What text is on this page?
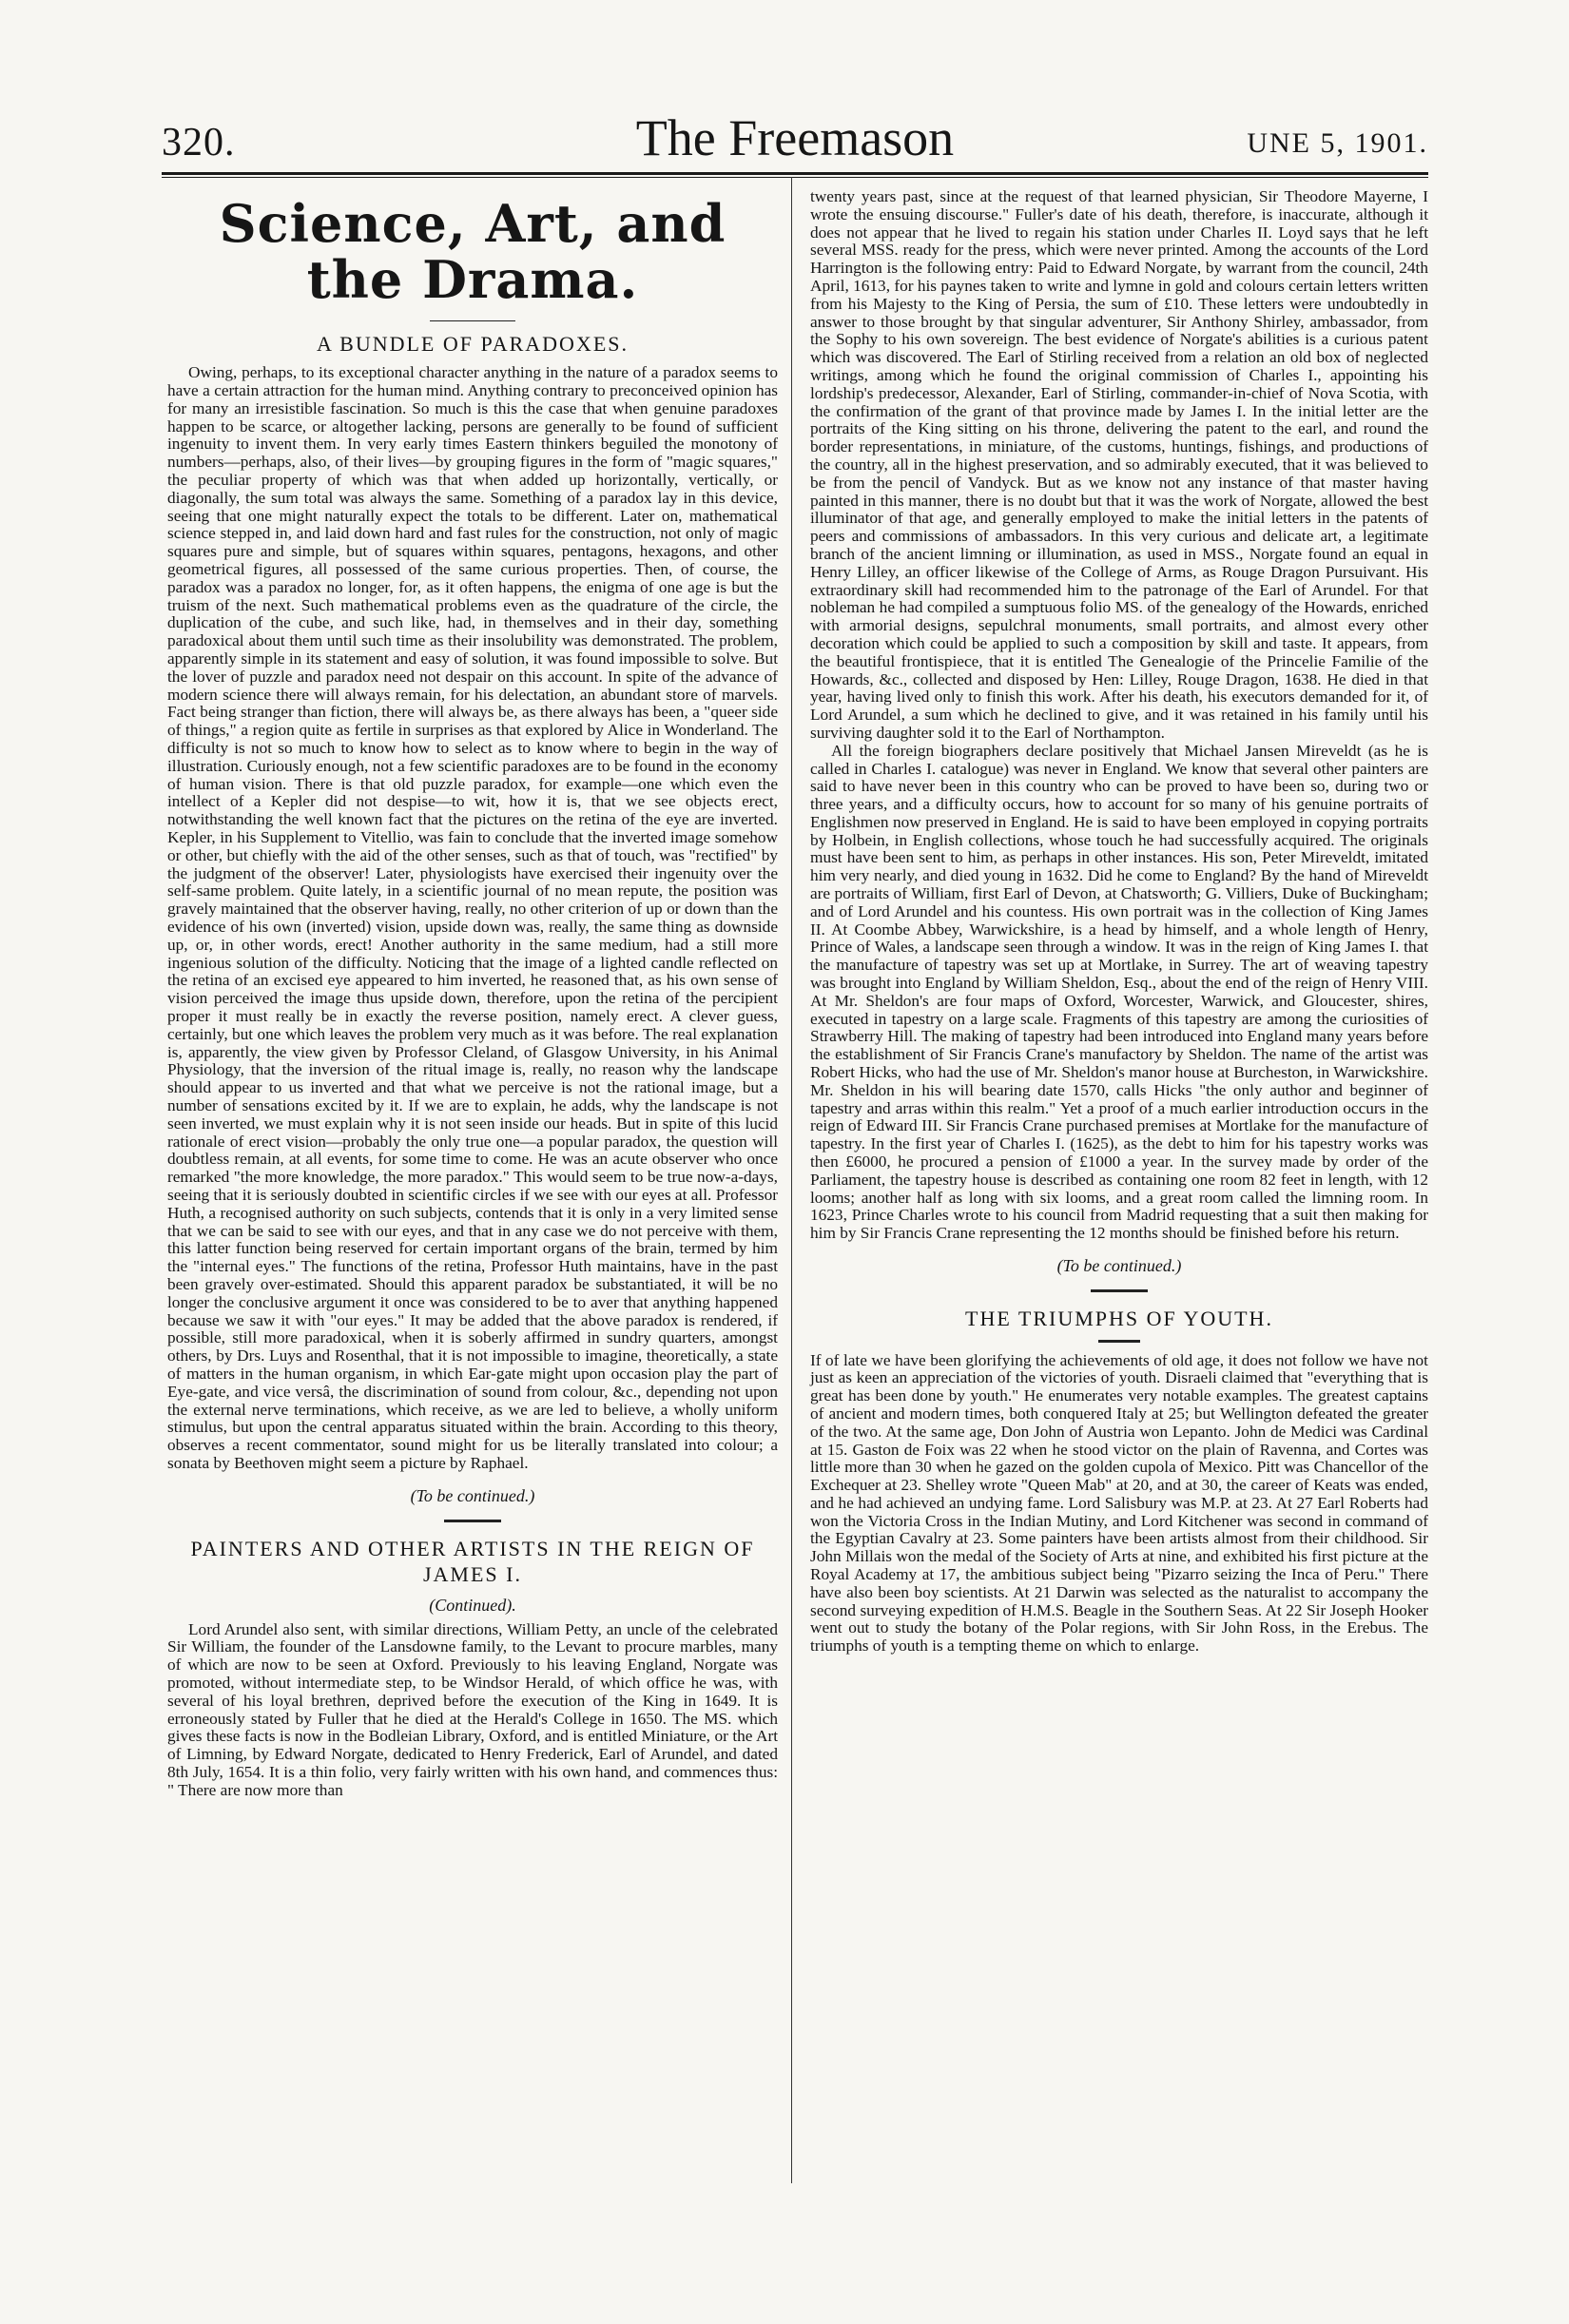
320.	The Freemason	UNE 5, 1901.
Science, Art, and the Drama.
A BUNDLE OF PARADOXES.

Owing, perhaps, to its exceptional character anything in the nature of a paradox seems to have a certain attraction for the human mind. Anything contrary to preconceived opinion has for many an irresistible fascination. So much is this the case that when genuine paradoxes happen to be scarce, or altogether lacking, persons are generally to be found of sufficient ingenuity to invent them. In very early times Eastern thinkers beguiled the monotony of numbers—perhaps, also, of their lives—by grouping figures in the form of "magic squares," the peculiar property of which was that when added up horizontally, vertically, or diagonally, the sum total was always the same. Something of a paradox lay in this device, seeing that one might naturally expect the totals to be different. Later on, mathematical science stepped in, and laid down hard and fast rules for the construction, not only of magic squares pure and simple, but of squares within squares, pentagons, hexagons, and other geometrical figures, all possessed of the same curious properties. Then, of course, the paradox was a paradox no longer, for, as it often happens, the enigma of one age is but the truism of the next. Such mathematical problems even as the quadrature of the circle, the duplication of the cube, and such like, had, in themselves and in their day, something paradoxical about them until such time as their insolubility was demonstrated. The problem, apparently simple in its statement and easy of solution, it was found impossible to solve. But the lover of puzzle and paradox need not despair on this account. In spite of the advance of modern science there will always remain, for his delectation, an abundant store of marvels. Fact being stranger than fiction, there will always be, as there always has been, a "queer side of things," a region quite as fertile in surprises as that explored by Alice in Wonderland. The difficulty is not so much to know how to select as to know where to begin in the way of illustration. Curiously enough, not a few scientific paradoxes are to be found in the economy of human vision. There is that old puzzle paradox, for example—one which even the intellect of a Kepler did not despise—to wit, how it is, that we see objects erect, notwithstanding the well known fact that the pictures on the retina of the eye are inverted. Kepler, in his Supplement to Vitellio, was fain to conclude that the inverted image somehow or other, but chiefly with the aid of the other senses, such as that of touch, was "rectified" by the judgment of the observer! Later, physiologists have exercised their ingenuity over the self-same problem. Quite lately, in a scientific journal of no mean repute, the position was gravely maintained that the observer having, really, no other criterion of up or down than the evidence of his own (inverted) vision, upside down was, really, the same thing as downside up, or, in other words, erect! Another authority in the same medium, had a still more ingenious solution of the difficulty. Noticing that the image of a lighted candle reflected on the retina of an excised eye appeared to him inverted, he reasoned that, as his own sense of vision perceived the image thus upside down, therefore, upon the retina of the percipient proper it must really be in exactly the reverse position, namely erect. A clever guess, certainly, but one which leaves the problem very much as it was before. The real explanation is, apparently, the view given by Professor Cleland, of Glasgow University, in his Animal Physiology, that the inversion of the ritual image is, really, no reason why the landscape should appear to us inverted and that what we perceive is not the rational image, but a number of sensations excited by it. If we are to explain, he adds, why the landscape is not seen inverted, we must explain why it is not seen inside our heads. But in spite of this lucid rationale of erect vision—probably the only true one—a popular paradox, the question will doubtless remain, at all events, for some time to come. He was an acute observer who once remarked "the more knowledge, the more paradox." This would seem to be true now-a-days, seeing that it is seriously doubted in scientific circles if we see with our eyes at all. Professor Huth, a recognised authority on such subjects, contends that it is only in a very limited sense that we can be said to see with our eyes, and that in any case we do not perceive with them, this latter function being reserved for certain important organs of the brain, termed by him the "internal eyes." The functions of the retina, Professor Huth maintains, have in the past been gravely over-estimated. Should this apparent paradox be substantiated, it will be no longer the conclusive argument it once was considered to be to aver that anything happened because we saw it with "our eyes." It may be added that the above paradox is rendered, if possible, still more paradoxical, when it is soberly affirmed in sundry quarters, amongst others, by Drs. Luys and Rosenthal, that it is not impossible to imagine, theoretically, a state of matters in the human organism, in which Ear-gate might upon occasion play the part of Eye-gate, and vice versâ, the discrimination of sound from colour, &c., depending not upon the external nerve terminations, which receive, as we are led to believe, a wholly uniform stimulus, but upon the central apparatus situated within the brain. According to this theory, observes a recent commentator, sound might for us be literally translated into colour; a sonata by Beethoven might seem a picture by Raphael.

(To be continued.)
PAINTERS AND OTHER ARTISTS IN THE REIGN OF JAMES I.
(Continued).

Lord Arundel also sent, with similar directions, William Petty, an uncle of the celebrated Sir William, the founder of the Lansdowne family, to the Levant to procure marbles, many of which are now to be seen at Oxford. Previously to his leaving England, Norgate was promoted, without intermediate step, to be Windsor Herald, of which office he was, with several of his loyal brethren, deprived before the execution of the King in 1649. It is erroneously stated by Fuller that he died at the Herald's College in 1650. The MS. which gives these facts is now in the Bodleian Library, Oxford, and is entitled Miniature, or the Art of Limning, by Edward Norgate, dedicated to Henry Frederick, Earl of Arundel, and dated 8th July, 1654. It is a thin folio, very fairly written with his own hand, and commences thus: " There are now more than

twenty years past, since at the request of that learned physician, Sir Theodore Mayerne, I wrote the ensuing discourse." Fuller's date of his death, therefore, is inaccurate, although it does not appear that he lived to regain his station under Charles II. Loyd says that he left several MSS. ready for the press, which were never printed. Among the accounts of the Lord Harrington is the following entry: Paid to Edward Norgate, by warrant from the council, 24th April, 1613, for his paynes taken to write and lymne in gold and colours certain letters written from his Majesty to the King of Persia, the sum of £10. These letters were undoubtedly in answer to those brought by that singular adventurer, Sir Anthony Shirley, ambassador, from the Sophy to his own sovereign. The best evidence of Norgate's abilities is a curious patent which was discovered. The Earl of Stirling received from a relation an old box of neglected writings, among which he found the original commission of Charles I., appointing his lordship's predecessor, Alexander, Earl of Stirling, commander-in-chief of Nova Scotia, with the confirmation of the grant of that province made by James I. In the initial letter are the portraits of the King sitting on his throne, delivering the patent to the earl, and round the border representations, in miniature, of the customs, huntings, fishings, and productions of the country, all in the highest preservation, and so admirably executed, that it was believed to be from the pencil of Vandyck. But as we know not any instance of that master having painted in this manner, there is no doubt but that it was the work of Norgate, allowed the best illuminator of that age, and generally employed to make the initial letters in the patents of peers and commissions of ambassadors. In this very curious and delicate art, a legitimate branch of the ancient limning or illumination, as used in MSS., Norgate found an equal in Henry Lilley, an officer likewise of the College of Arms, as Rouge Dragon Pursuivant. His extraordinary skill had recommended him to the patronage of the Earl of Arundel. For that nobleman he had compiled a sumptuous folio MS. of the genealogy of the Howards, enriched with armorial designs, sepulchral monuments, small portraits, and almost every other decoration which could be applied to such a composition by skill and taste. It appears, from the beautiful frontispiece, that it is entitled The Genealogie of the Princelie Familie of the Howards, &c., collected and disposed by Hen: Lilley, Rouge Dragon, 1638. He died in that year, having lived only to finish this work. After his death, his executors demanded for it, of Lord Arundel, a sum which he declined to give, and it was retained in his family until his surviving daughter sold it to the Earl of Northampton.

All the foreign biographers declare positively that Michael Jansen Mireveldt (as he is called in Charles I. catalogue) was never in England. We know that several other painters are said to have never been in this country who can be proved to have been so, during two or three years, and a difficulty occurs, how to account for so many of his genuine portraits of Englishmen now preserved in England. He is said to have been employed in copying portraits by Holbein, in English collections, whose touch he had successfully acquired. The originals must have been sent to him, as perhaps in other instances. His son, Peter Mireveldt, imitated him very nearly, and died young in 1632. Did he come to England? By the hand of Mireveldt are portraits of William, first Earl of Devon, at Chatsworth; G. Villiers, Duke of Buckingham; and of Lord Arundel and his countess. His own portrait was in the collection of King James II. At Coombe Abbey, Warwickshire, is a head by himself, and a whole length of Henry, Prince of Wales, a landscape seen through a window. It was in the reign of King James I. that the manufacture of tapestry was set up at Mortlake, in Surrey. The art of weaving tapestry was brought into England by William Sheldon, Esq., about the end of the reign of Henry VIII. At Mr. Sheldon's are four maps of Oxford, Worcester, Warwick, and Gloucester, shires, executed in tapestry on a large scale. Fragments of this tapestry are among the curiosities of Strawberry Hill. The making of tapestry had been introduced into England many years before the establishment of Sir Francis Crane's manufactory by Sheldon. The name of the artist was Robert Hicks, who had the use of Mr. Sheldon's manor house at Burcheston, in Warwickshire. Mr. Sheldon in his will bearing date 1570, calls Hicks "the only author and beginner of tapestry and arras within this realm." Yet a proof of a much earlier introduction occurs in the reign of Edward III. Sir Francis Crane purchased premises at Mortlake for the manufacture of tapestry. In the first year of Charles I. (1625), as the debt to him for his tapestry works was then £6000, he procured a pension of £1000 a year. In the survey made by order of the Parliament, the tapestry house is described as containing one room 82 feet in length, with 12 looms; another half as long with six looms, and a great room called the limning room. In 1623, Prince Charles wrote to his council from Madrid requesting that a suit then making for him by Sir Francis Crane representing the 12 months should be finished before his return.

(To be continued.)
THE TRIUMPHS OF YOUTH.

If of late we have been glorifying the achievements of old age, it does not follow we have not just as keen an appreciation of the victories of youth. Disraeli claimed that "everything that is great has been done by youth." He enumerates very notable examples. The greatest captains of ancient and modern times, both conquered Italy at 25; but Wellington defeated the greater of the two. At the same age, Don John of Austria won Lepanto. John de Medici was Cardinal at 15. Gaston de Foix was 22 when he stood victor on the plain of Ravenna, and Cortes was little more than 30 when he gazed on the golden cupola of Mexico. Pitt was Chancellor of the Exchequer at 23. Shelley wrote "Queen Mab" at 20, and at 30, the career of Keats was ended, and he had achieved an undying fame. Lord Salisbury was M.P. at 23. At 27 Earl Roberts had won the Victoria Cross in the Indian Mutiny, and Lord Kitchener was second in command of the Egyptian Cavalry at 23. Some painters have been artists almost from their childhood. Sir John Millais won the medal of the Society of Arts at nine, and exhibited his first picture at the Royal Academy at 17, the ambitious subject being "Pizarro seizing the Inca of Peru." There have also been boy scientists. At 21 Darwin was selected as the naturalist to accompany the second surveying expedition of H.M.S. Beagle in the Southern Seas. At 22 Sir Joseph Hooker went out to study the botany of the Polar regions, with Sir John Ross, in the Erebus. The triumphs of youth is a tempting theme on which to enlarge.
